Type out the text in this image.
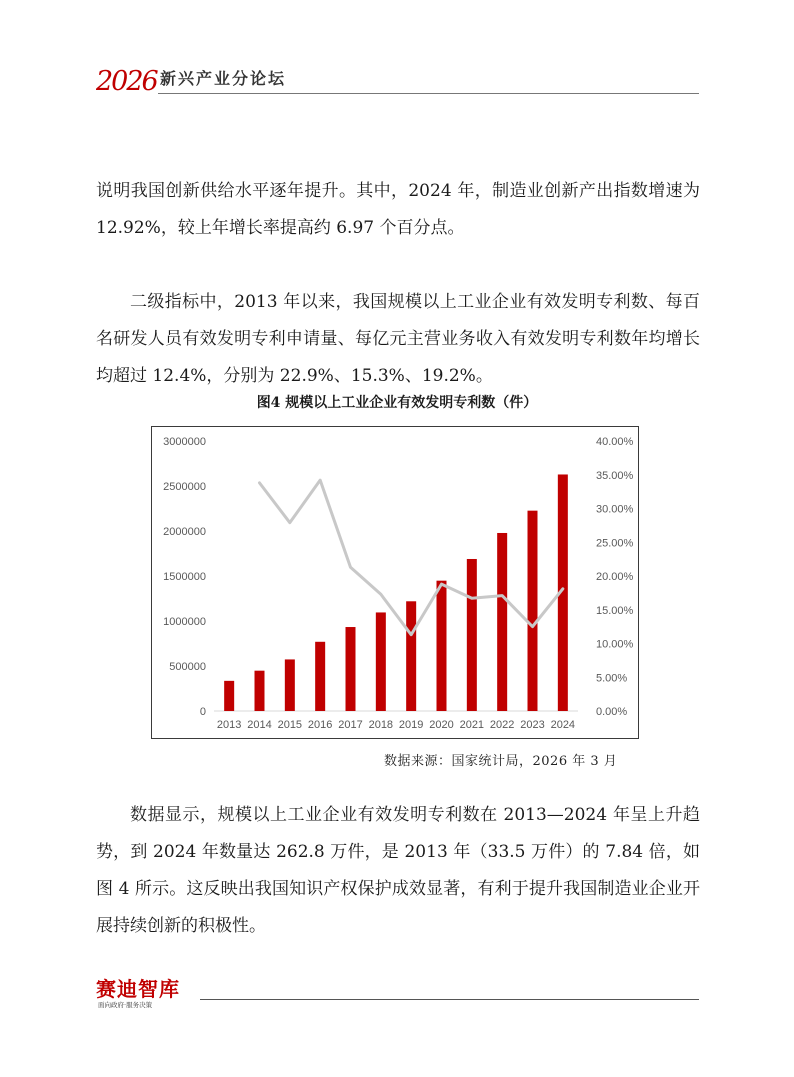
2026 新兴产业分论坛

说明我国创新供给水平逐年提升。其中，2024 年，制造业创新产出指数增速为 12.92%，较上年增长率提高约 6.97 个百分点。

二级指标中，2013 年以来，我国规模以上工业企业有效发明专利数、每百名研发人员有效发明专利申请量、每亿元主营业务收入有效发明专利数年均增长均超过 12.4%，分别为 22.9%、15.3%、19.2%。

图4 规模以上工业企业有效发明专利数（件）
0
500000
1000000
1500000
2000000
2500000
3000000
0.00%
5.00%
10.00%
15.00%
20.00%
25.00%
30.00%
35.00%
40.00%
2013 2014 2015 2016 2017 2018 2019 2020 2021 2022 2023 2024
数据来源：国家统计局，2026 年 3 月

数据显示，规模以上工业企业有效发明专利数在 2013—2024 年呈上升趋势，到 2024 年数量达 262.8 万件，是 2013 年（33.5 万件）的 7.84 倍，如图 4 所示。这反映出我国知识产权保护成效显著，有利于提升我国制造业企业开展持续创新的积极性。

赛迪智库
面向政府·服务决策
